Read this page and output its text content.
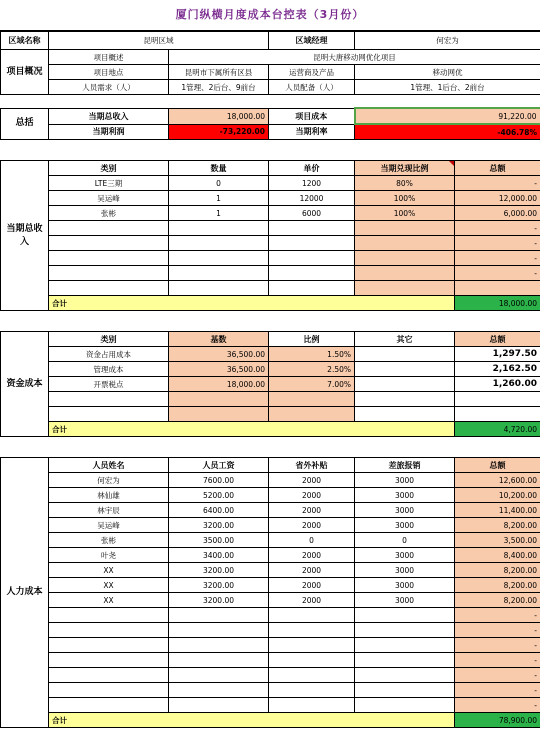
厦门纵横月度成本台控表（3月份）
区域名称	昆明区域		区域经理	何宏为
项目概况	项目概述	昆明大唐移动网优化项目		
	项目地点	昆明市下属所有区县	运营商及产品	移动网优
	人员需求（人）	1管理、2后台、9前台	人员配备（人）	1管理、1后台、2前台
总括	当期总收入	18,000.00	项目成本	91,220.00
	当期利润	-73,220.00	当期利率	-406.78%
当期总收入	类别	数量	单价	当期兑现比例	总额
	LTE三期	0	1200	80%	-
	吴运峰	1	12000	100%	12,000.00
	张彬	1	6000	100%	6,000.00
					-
					-
					-
					-

	合计				18,000.00
资金成本	类别	基数	比例	其它	总额
	资金占用成本	36,500.00	1.50%		1,297.50
	管理成本	36,500.00	2.50%		2,162.50
	开票税点	18,000.00	7.00%		1,260.00

	合计				4,720.00
人力成本	人员姓名	人员工资	省外补贴	差旅报销	总额
	何宏为	7600.00	2000	3000	12,600.00
	林仙雄	5200.00	2000	3000	10,200.00
	林宇辰	6400.00	2000	3000	11,400.00
	吴运峰	3200.00	2000	3000	8,200.00
	张彬	3500.00	0	0	3,500.00
	叶尧	3400.00	2000	3000	8,400.00
	XX	3200.00	2000	3000	8,200.00
	XX	3200.00	2000	3000	8,200.00
	XX	3200.00	2000	3000	8,200.00
					-
					-
					-
					-
					-
					-
					-
	合计				78,900.00
